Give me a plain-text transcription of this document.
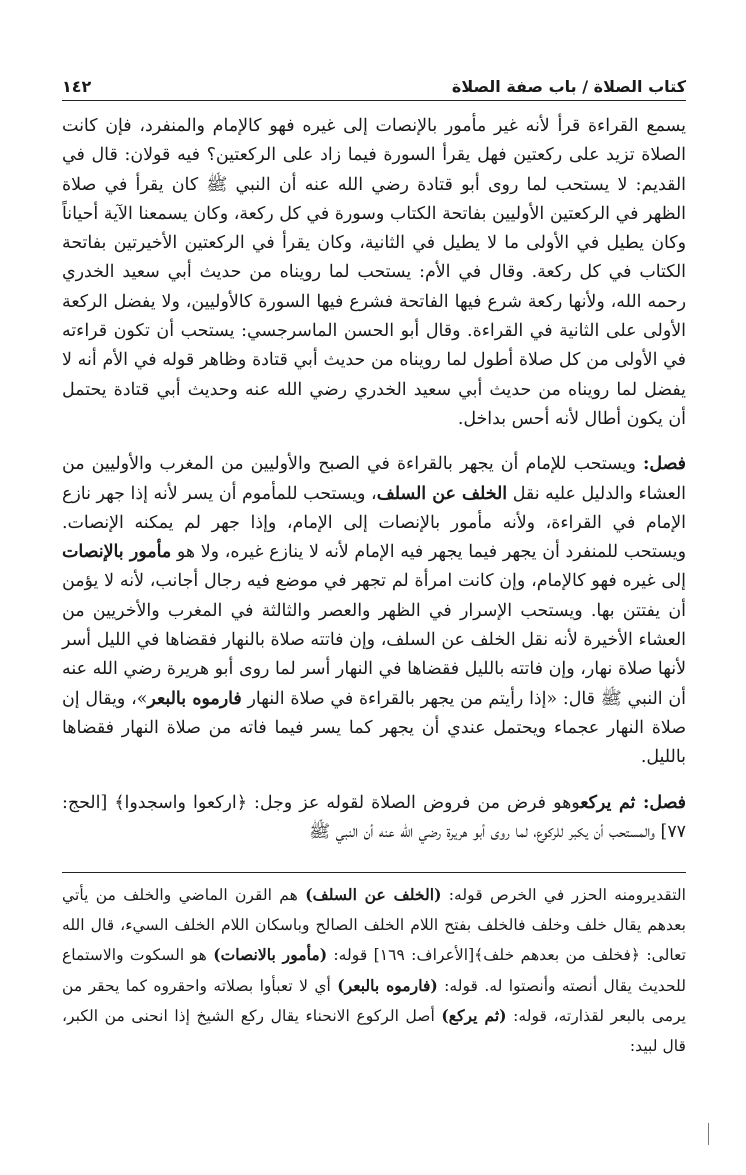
كتاب الصلاة / باب صفة الصلاة
١٤٢

يسمع القراءة قرأ لأنه غير مأمور بالإنصات إلى غيره فهو كالإمام والمنفرد، فإن كانت الصلاة تزيد على ركعتين فهل يقرأ السورة فيما زاد على الركعتين؟ فيه قولان: قال في القديم: لا يستحب لما روى أبو قتادة رضي الله عنه أن النبي ﷺ كان يقرأ في صلاة الظهر في الركعتين الأوليين بفاتحة الكتاب وسورة في كل ركعة، وكان يسمعنا الآية أحياناً وكان يطيل في الأولى ما لا يطيل في الثانية، وكان يقرأ في الركعتين الأخيرتين بفاتحة الكتاب في كل ركعة. وقال في الأم: يستحب لما رويناه من حديث أبي سعيد الخدري رحمه الله، ولأنها ركعة شرع فيها الفاتحة فشرع فيها السورة كالأوليين، ولا يفضل الركعة الأولى على الثانية في القراءة. وقال أبو الحسن الماسرجسي: يستحب أن تكون قراءته في الأولى من كل صلاة أطول لما رويناه من حديث أبي قتادة وظاهر قوله في الأم أنه لا يفضل لما رويناه من حديث أبي سعيد الخدري رضي الله عنه وحديث أبي قتادة يحتمل أن يكون أطال لأنه أحس بداخل.

فصل: ويستحب للإمام أن يجهر بالقراءة في الصبح والأوليين من المغرب والأوليين من العشاء والدليل عليه نقل الخلف عن السلف، ويستحب للمأموم أن يسر لأنه إذا جهر نازع الإمام في القراءة، ولأنه مأمور بالإنصات إلى الإمام، وإذا جهر لم يمكنه الإنصات. ويستحب للمنفرد أن يجهر فيما يجهر فيه الإمام لأنه لا ينازع غيره، ولا هو مأمور بالإنصات إلى غيره فهو كالإمام، وإن كانت امرأة لم تجهر في موضع فيه رجال أجانب، لأنه لا يؤمن أن يفتتن بها. ويستحب الإسرار في الظهر والعصر والثالثة في المغرب والأخريين من العشاء الأخيرة لأنه نقل الخلف عن السلف، وإن فاتته صلاة بالنهار فقضاها في الليل أسر لأنها صلاة نهار، وإن فاتته بالليل فقضاها في النهار أسر لما روى أبو هريرة رضي الله عنه أن النبي ﷺ قال: «إذا رأيتم من يجهر بالقراءة في صلاة النهار فارموه بالبعر»، ويقال إن صلاة النهار عجماء ويحتمل عندي أن يجهر كما يسر فيما فاته من صلاة النهار فقضاها بالليل.

فصل: ثم يركعوهو فرض من فروض الصلاة لقوله عز وجل: ﴿اركعوا واسجدوا﴾ [الحج: ٧٧] والمستحب أن يكبر للركوع، لما روى أبو هريرة رضي الله عنه أن النبي ﷺ

التقديرومنه الحزر في الخرص قوله: (الخلف عن السلف) هم القرن الماضي والخلف من يأتي بعدهم يقال خلف وخلف فالخلف بفتح اللام الخلف الصالح وباسكان اللام الخلف السيء، قال الله تعالى: ﴿فخلف من بعدهم خلف﴾[الأعراف: ١٦٩] قوله: (مأمور بالانصات) هو السكوت والاستماع للحديث يقال أنصته وأنصتوا له. قوله: (فارموه بالبعر) أي لا تعبأوا بصلاته واحقروه كما يحقر من يرمى بالبعر لقذارته، قوله: (ثم يركع) أصل الركوع الانحناء يقال ركع الشيخ إذا انحنى من الكبر، قال لبيد:
